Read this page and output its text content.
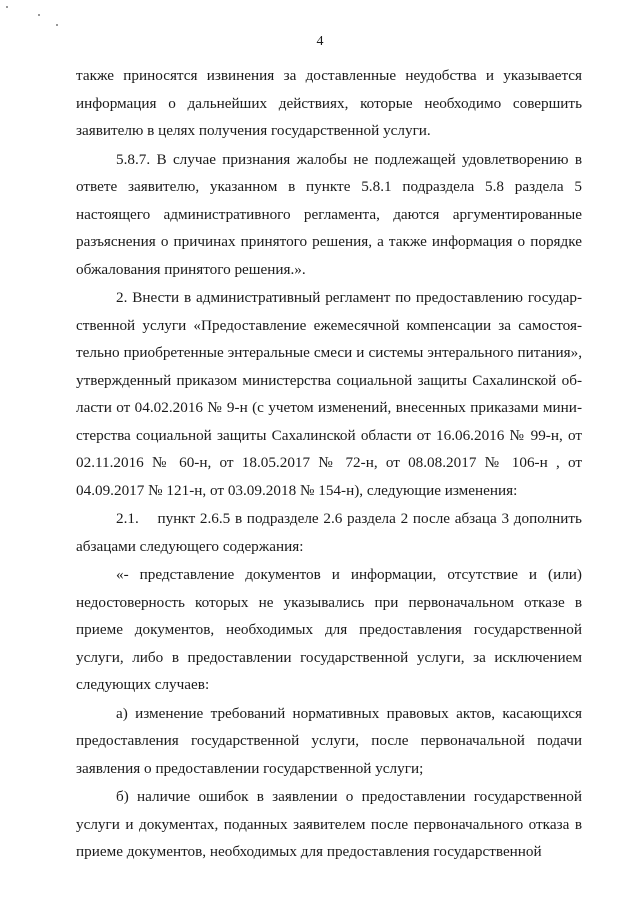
4

также приносятся извинения за доставленные неудобства и указывается информация о дальнейших действиях, которые необходимо совершить заявителю в целях получения государственной услуги.

5.8.7. В случае признания жалобы не подлежащей удовлетворению в ответе заявителю, указанном в пункте 5.8.1 подраздела 5.8 раздела 5 настоящего административного регламента, даются аргументированные разъяснения о причинах принятого решения, а также информация о порядке обжалования принятого решения.».

2. Внести в административный регламент по предоставлению государственной услуги «Предоставление ежемесячной компенсации за самостоятельно приобретенные энтеральные смеси и системы энтерального питания», утвержденный приказом министерства социальной защиты Сахалинской области от 04.02.2016 № 9-н (с учетом изменений, внесенных приказами министерства социальной защиты Сахалинской области от 16.06.2016 № 99-н, от 02.11.2016 № 60-н, от 18.05.2017 № 72-н, от 08.08.2017 № 106-н , от 04.09.2017 № 121-н, от 03.09.2018 № 154-н), следующие изменения:

2.1.    пункт 2.6.5 в подразделе 2.6 раздела 2 после абзаца 3 дополнить абзацами следующего содержания:

«- представление документов и информации, отсутствие и (или) недостоверность которых не указывались при первоначальном отказе в приеме документов, необходимых для предоставления государственной услуги, либо в предоставлении государственной услуги, за исключением следующих случаев:

а) изменение требований нормативных правовых актов, касающихся предоставления государственной услуги, после первоначальной подачи заявления о предоставлении государственной услуги;

б) наличие ошибок в заявлении о предоставлении государственной услуги и документах, поданных заявителем после первоначального отказа в приеме документов, необходимых для предоставления государственной
